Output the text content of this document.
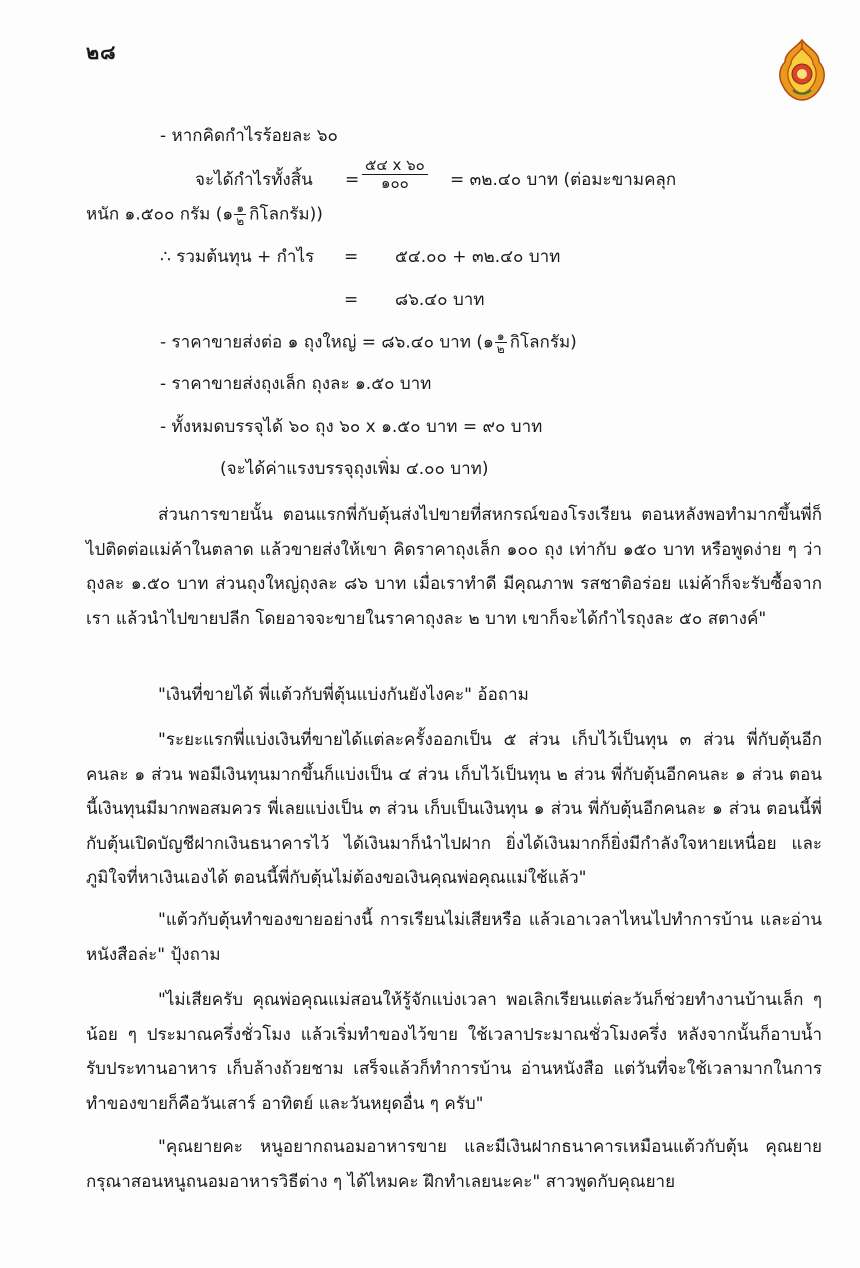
๒๘
- หากคิดกำไรร้อยละ ๖๐
จะได้กำไรทั้งสิ้น = $\frac{๕๔ x ๖๐}{๑๐๐}$ = ๓๒.๔๐ บาท (ต่อมะขามคลุก
หนัก ๑.๕๐๐ กรัม (๑ $\frac{๑}{๒}$ กิโลกรัม))
∴ รวมต้นทุน + กำไร = ๕๔.๐๐ + ๓๒.๔๐ บาท
= ๘๖.๔๐ บาท
- ราคาขายส่งต่อ ๑ ถุงใหญ่ = ๘๖.๔๐ บาท (๑ $\frac{๑}{๒}$ กิโลกรัม)
- ราคาขายส่งถุงเล็ก ถุงละ ๑.๕๐ บาท
- ทั้งหมดบรรจุได้ ๖๐ ถุง ๖๐ x ๑.๕๐ บาท = ๙๐ บาท
(จะได้ค่าแรงบรรจุถุงเพิ่ม ๔.๐๐ บาท)
ส่วนการขายนั้น ตอนแรกพี่กับตุ้นส่งไปขายที่สหกรณ์ของโรงเรียน ตอนหลังพอทำมากขึ้นพี่ก็ไปติดต่อแม่ค้าในตลาด แล้วขายส่งให้เขา คิดราคาถุงเล็ก ๑๐๐ ถุง เท่ากับ ๑๕๐ บาท หรือพูดง่าย ๆ ว่าถุงละ ๑.๕๐ บาท ส่วนถุงใหญ่ถุงละ ๘๖ บาท เมื่อเราทำดี มีคุณภาพ รสชาติอร่อย แม่ค้าก็จะรับซื้อจากเรา แล้วนำไปขายปลีก โดยอาจจะขายในราคาถุงละ ๒ บาท เขาก็จะได้กำไรถุงละ ๕๐ สตางค์"
"เงินที่ขายได้ พี่แต้วกับพี่ตุ้นแบ่งกันยังไงคะ" อ้อถาม
"ระยะแรกพี่แบ่งเงินที่ขายได้แต่ละครั้งออกเป็น ๕ ส่วน เก็บไว้เป็นทุน ๓ ส่วน พี่กับตุ้นอีกคนละ ๑ ส่วน พอมีเงินทุนมากขึ้นก็แบ่งเป็น ๔ ส่วน เก็บไว้เป็นทุน ๒ ส่วน พี่กับตุ้นอีกคนละ ๑ ส่วน ตอนนี้เงินทุนมีมากพอสมควร พี่เลยแบ่งเป็น ๓ ส่วน เก็บเป็นเงินทุน ๑ ส่วน พี่กับตุ้นอีกคนละ ๑ ส่วน ตอนนี้พี่กับตุ้นเปิดบัญชีฝากเงินธนาคารไว้ ได้เงินมาก็นำไปฝาก ยิ่งได้เงินมากก็ยิ่งมีกำลังใจหายเหนื่อย และภูมิใจที่หาเงินเองได้ ตอนนี้พี่กับตุ้นไม่ต้องขอเงินคุณพ่อคุณแม่ใช้แล้ว"
"แต้วกับตุ้นทำของขายอย่างนี้ การเรียนไม่เสียหรือ แล้วเอาเวลาไหนไปทำการบ้าน และอ่านหนังสือล่ะ" ปุ้งถาม
"ไม่เสียครับ คุณพ่อคุณแม่สอนให้รู้จักแบ่งเวลา พอเลิกเรียนแต่ละวันก็ช่วยทำงานบ้านเล็ก ๆ น้อย ๆ ประมาณครึ่งชั่วโมง แล้วเริ่มทำของไว้ขาย ใช้เวลาประมาณชั่วโมงครึ่ง หลังจากนั้นก็อาบน้ำ รับประทานอาหาร เก็บล้างถ้วยชาม เสร็จแล้วก็ทำการบ้าน อ่านหนังสือ แต่วันที่จะใช้เวลามากในการทำของขายก็คือวันเสาร์ อาทิตย์ และวันหยุดอื่น ๆ ครับ"
"คุณยายคะ หนูอยากถนอมอาหารขาย และมีเงินฝากธนาคารเหมือนแต้วกับตุ้น คุณยายกรุณาสอนหนูถนอมอาหารวิธีต่าง ๆ ได้ไหมคะ ฝึกทำเลยนะคะ" สาวพูดกับคุณยาย
